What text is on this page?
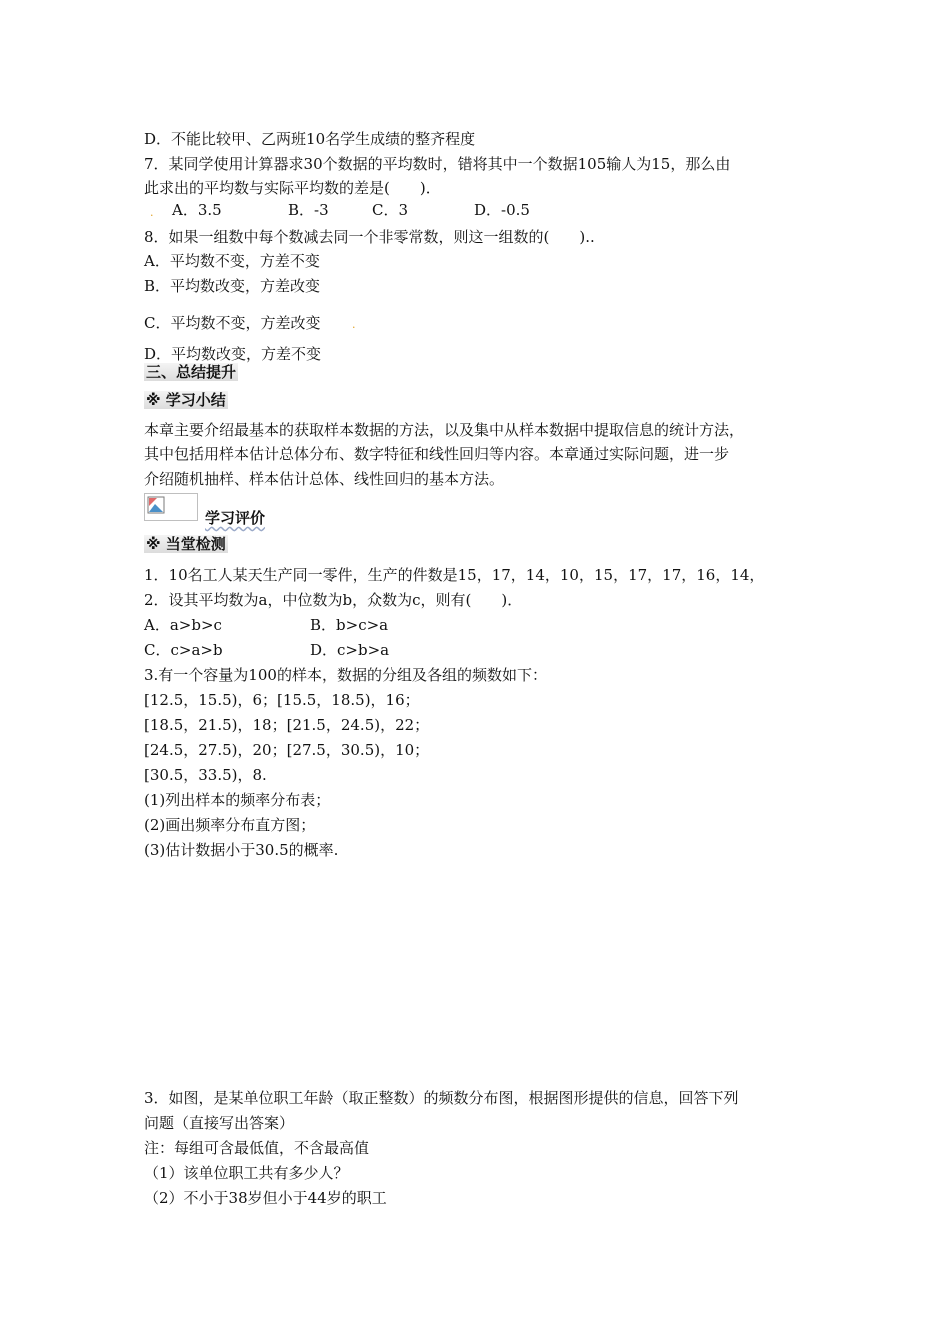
D．不能比较甲、乙两班10名学生成绩的整齐程度
7．某同学使用计算器求30个数据的平均数时，错将其中一个数据105输人为15，那么由
此求出的平均数与实际平均数的差是(　　)．
A．3.5	B．-3	C．3	D．-0.5
.
8．如果一组数中每个数减去同一个非零常数，则这一组数的(　　)..
A．平均数不变，方差不变
B．平均数改变，方差改变
C．平均数不变，方差改变	.
D．平均数改变，方差不变
三、总结提升
※ 学习小结
本章主要介绍最基本的获取样本数据的方法，以及集中从样本数据中提取信息的统计方法，
其中包括用样本估计总体分布、数字特征和线性回归等内容。本章通过实际问题，进一步
介绍随机抽样、样本估计总体、线性回归的基本方法。
学习评价
※ 当堂检测
1．10名工人某天生产同一零件，生产的件数是15，17，14，10，15，17，17，16，14，
2．设其平均数为a，中位数为b，众数为c，则有(　　)．
A．a>b>c	B．b>c>a
C．c>a>b	D．c>b>a
3.有一个容量为100的样本，数据的分组及各组的频数如下：
[12.5，15.5)，6；[15.5，18.5)，16；
[18.5，21.5)，18；[21.5，24.5)，22；
[24.5，27.5)，20；[27.5，30.5)，10；
[30.5，33.5)，8.
(1)列出样本的频率分布表；
(2)画出频率分布直方图；
(3)估计数据小于30.5的概率.
3．如图，是某单位职工年龄（取正整数）的频数分布图，根据图形提供的信息，回答下列
问题（直接写出答案）
注：每组可含最低值，不含最高值
（1）该单位职工共有多少人？
（2）不小于38岁但小于44岁的职工
